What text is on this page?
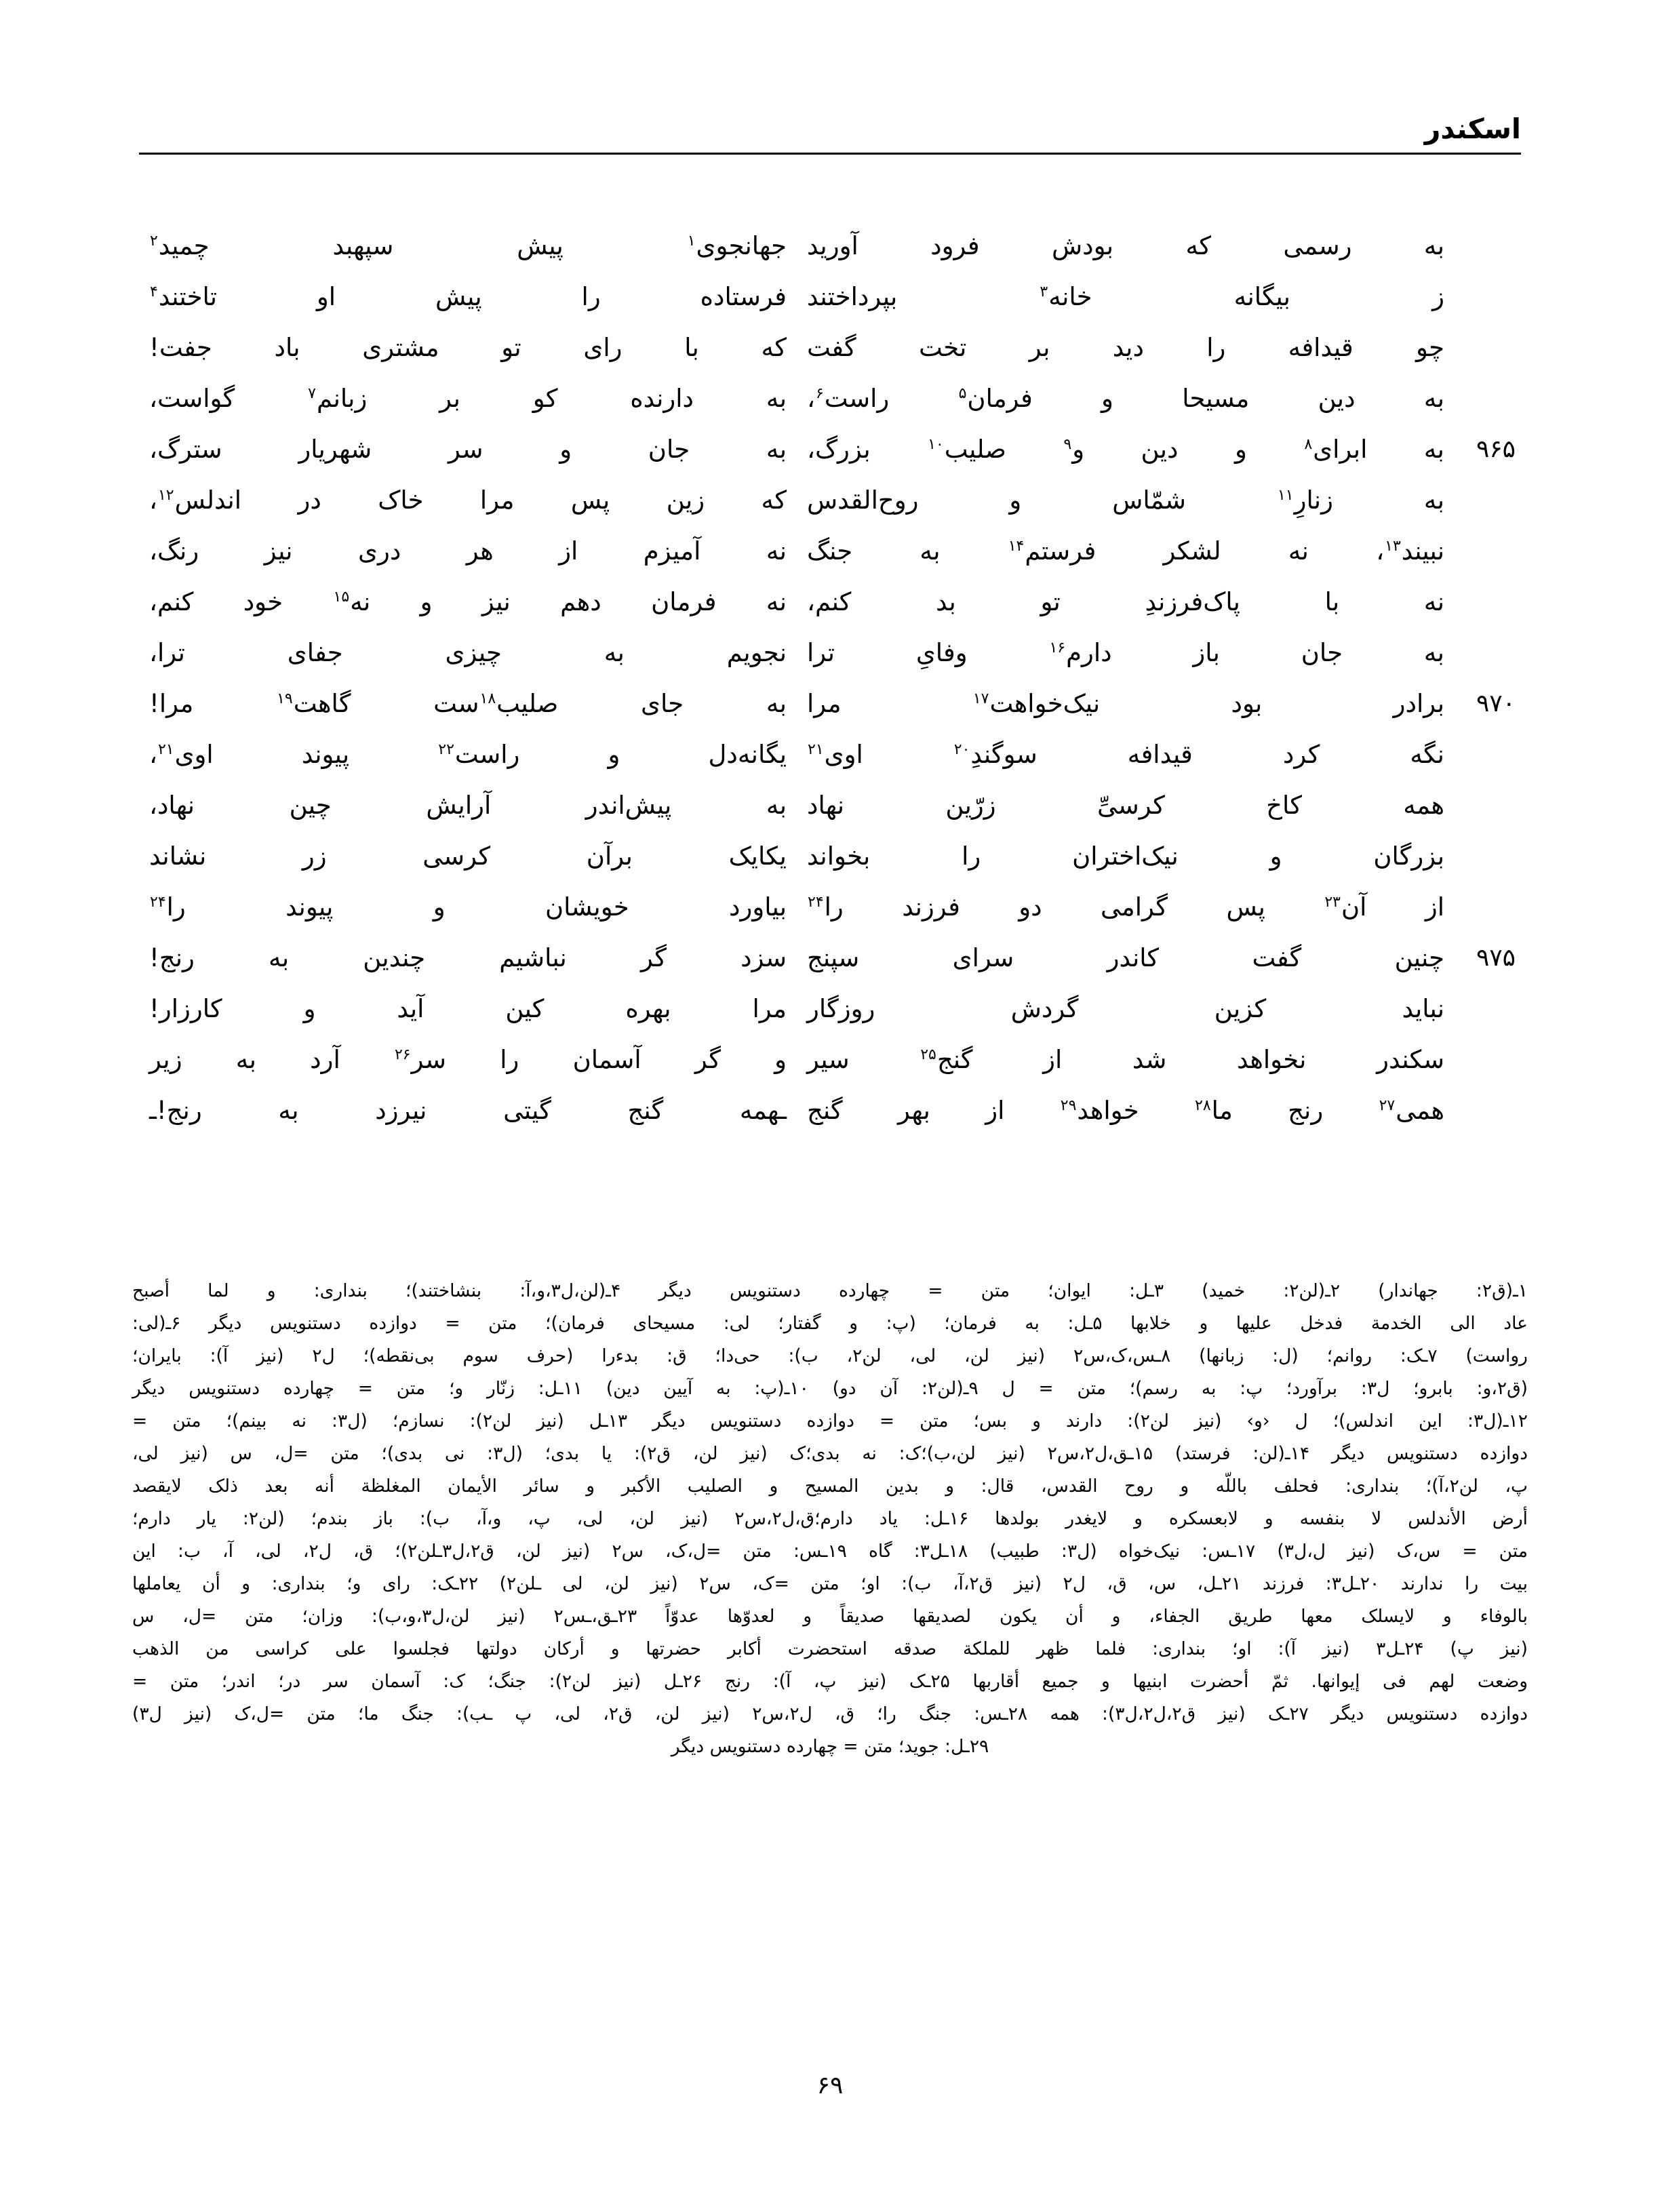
اسکندر
به رسمی که بودش فرود آورید
جهانجوی$^۱$ پیش سپهبد چمید$^۲$
ز بیگانه خانه$^۳$ بپرداختند
فرستاده را پیش او تاختند$^۴$
چو قیدافه را دید بر تخت گفت
که با رای تو مشتری باد جفت!
به دین مسیحا و فرمان$^۵$ راست$^۶$،
به دارنده کو بر زبانم$^۷$ گواست،
۹۶۵
به ابرای$^۸$ و دین و$^۹$ صلیب$^{۱۰}$ بزرگ،
به جان و سر شهریار سترگ،
به زنارِ$^{۱۱}$ شمّاس و روح‌القدس
که زین پس مرا خاک در اندلس$^{۱۲}$،
نبیند$^{۱۳}$، نه لشکر فرستم$^{۱۴}$ به جنگ
نه آمیزم از هر دری نیز رنگ،
نه با پاک‌فرزندِ تو بد کنم،
نه فرمان دهم نیز و نه$^{۱۵}$ خود کنم،
به جان باز دارم$^{۱۶}$ وفایِ ترا
نجویم به چیزی جفای ترا،
۹۷۰
برادر بود نیک‌خواهت$^{۱۷}$ مرا
به جای صلیب$^{۱۸}$ست گاهت$^{۱۹}$ مرا!
نگه کرد قیدافه سوگندِ$^{۲۰}$ اوی$^{۲۱}$
یگانه‌دل و راست$^{۲۲}$ پیوند اوی$^{۲۱}$،
همه کاخ کرسیِّ زرّین نهاد
به پیش‌اندر آرایش چین نهاد،
بزرگان و نیک‌اختران را بخواند
یکایک برآن کرسی زر نشاند
از آن$^{۲۳}$ پس گرامی دو فرزند را$^{۲۴}$
بیاورد خویشان و پیوند را$^{۲۴}$
۹۷۵
چنین گفت کاندر سرای سپنج
سزد گر نباشیم چندین به رنج!
نباید کزین گردش روزگار
مرا بهره کین آید و کارزار!
سکندر نخواهد شد از گنج$^{۲۵}$ سیر
و گر آسمان را سر$^{۲۶}$ آرد به زیر
همی$^{۲۷}$ رنج ما$^{۲۸}$ خواهد$^{۲۹}$ از بهر گنج
ـهمه گنج گیتی نیرزد به رنج!ـ
۱ـ(ق۲: جهاندار) ۲ـ(لن۲: خمید) ۳ـل: ایوان؛ متن = چهارده دستنویس دیگر ۴ـ(لن،ل۳،و،آ: بنشاختند)؛ بنداری: و لما أصبح
عاد الی الخدمة فدخل علیها و خلابها ۵ـل: به فرمان؛ (پ: و گفتار؛ لی: مسیحای فرمان)؛ متن = دوازده دستنویس دیگر ۶ـ(لی:
رواست) ۷ـک: روانم؛ (ل: زبانها) ۸ـس،ک،س۲ (نیز لن، لی، لن۲، ب): حی‌دا؛ ق: بدءرا (حرف سوم بی‌نقطه)؛ ل۲ (نیز آ): بایران؛
(ق۲،و: بابرو؛ ل۳: برآورد؛ پ: به رسم)؛ متن = ل ۹ـ(لن۲: آن دو) ۱۰ـ(پ: به آیین دین) ۱۱ـل: زنّار و؛ متن = چهارده دستنویس دیگر
۱۲ـ(ل۳: این اندلس)؛ ل ‹و› (نیز لن۲): دارند و بس؛ متن = دوازده دستنویس دیگر ۱۳ـل (نیز لن۲): نسازم؛ (ل۳: نه بینم)؛ متن =
دوازده دستنویس دیگر ۱۴ـ(لن: فرستد) ۱۵ـق،ل۲،س۲ (نیز لن،ب)؛ک: نه بدی؛ک (نیز لن، ق۲): یا بدی؛ (ل۳: نی بدی)؛ متن =ل، س (نیز لی،
پ، لن۲،آ)؛ بنداری: فحلف باللّه و روح القدس، قال: و بدین المسیح و الصلیب الأکبر و سائر الأیمان المغلظة أنه بعد ذلک لایقصد
أرض الأندلس لا بنفسه و لابعسکره و لایغدر بولدها ۱۶ـل: یاد دارم؛ق،ل۲،س۲ (نیز لن، لی، پ، و،آ، ب): باز بندم؛ (لن۲: یار دارم؛
متن = س،ک (نیز ل،ل۳) ۱۷ـس: نیک‌خواه (ل۳: طبیب) ۱۸ـل۳: گاه ۱۹ـس: متن =ل،ک، س۲ (نیز لن، ق۲،ل۳ـلن۲)؛ ق، ل۲، لی، آ، ب: این
بیت را ندارند ۲۰ـل۳: فرزند ۲۱ـل، س، ق، ل۲ (نیز ق۲،آ، ب): او؛ متن =ک، س۲ (نیز لن، لی ـلن۲) ۲۲ـک: رای و؛ بنداری: و أن یعاملها
بالوفاء و لایسلک معها طریق الجفاء، و أن یکون لصدیقها صدیقاً و لعدوّها عدوّاً ۲۳ـق،ـس۲ (نیز لن،ل۳،و،ب): وزان؛ متن =ل، س
(نیز پ) ۲۴ـل۳ (نیز آ): او؛ بنداری: فلما ظهر للملکة صدقه استحضرت أکابر حضرتها و أرکان دولتها فجلسوا علی کراسی من الذهب
وضعت لهم فی إیوانها. ثمّ أحضرت ابنیها و جمیع أقاربها ۲۵ـک (نیز پ، آ): رنج ۲۶ـل (نیز لن۲): جنگ؛ ک: آسمان سر در؛ اندر؛ متن =
دوازده دستنویس دیگر ۲۷ـک (نیز ق۲،ل۲،ل۳): همه ۲۸ـس: جنگ را؛ ق، ل۲،س۲ (نیز لن، ق۲، لی، پ ـب): جنگ ما؛ متن =ل،ک (نیز ل۳)
۲۹ـل: جوید؛ متن = چهارده دستنویس دیگر
۶۹
